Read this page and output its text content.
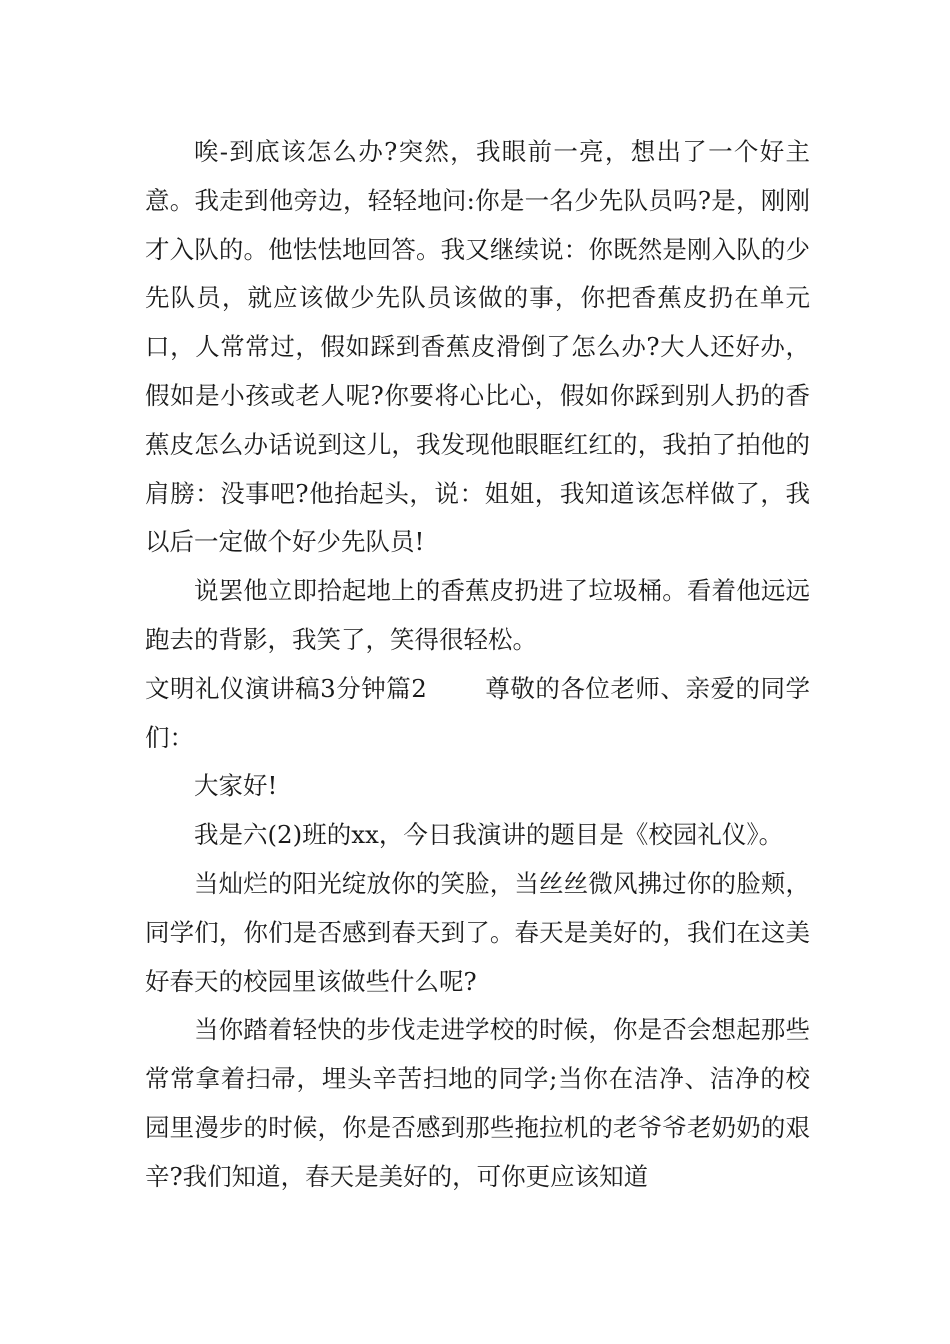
唉-到底该怎么办?突然，我眼前一亮，想出了一个好主意。我走到他旁边，轻轻地问:你是一名少先队员吗?是，刚刚才入队的。他怯怯地回答。我又继续说：你既然是刚入队的少先队员，就应该做少先队员该做的事，你把香蕉皮扔在单元口，人常常过，假如踩到香蕉皮滑倒了怎么办?大人还好办，假如是小孩或老人呢?你要将心比心，假如你踩到别人扔的香蕉皮怎么办话说到这儿，我发现他眼眶红红的，我拍了拍他的肩膀：没事吧?他抬起头，说：姐姐，我知道该怎样做了，我以后一定做个好少先队员!

说罢他立即拾起地上的香蕉皮扔进了垃圾桶。看着他远远跑去的背影，我笑了，笑得很轻松。

文明礼仪演讲稿3分钟篇2 尊敬的各位老师、亲爱的同学们：

大家好!

我是六(2)班的xx，今日我演讲的题目是《校园礼仪》。

当灿烂的阳光绽放你的笑脸，当丝丝微风拂过你的脸颊，同学们，你们是否感到春天到了。春天是美好的，我们在这美好春天的校园里该做些什么呢?

当你踏着轻快的步伐走进学校的时候，你是否会想起那些常常拿着扫帚，埋头辛苦扫地的同学;当你在洁净、洁净的校园里漫步的时候，你是否感到那些拖拉机的老爷爷老奶奶的艰辛?我们知道，春天是美好的，可你更应该知道
